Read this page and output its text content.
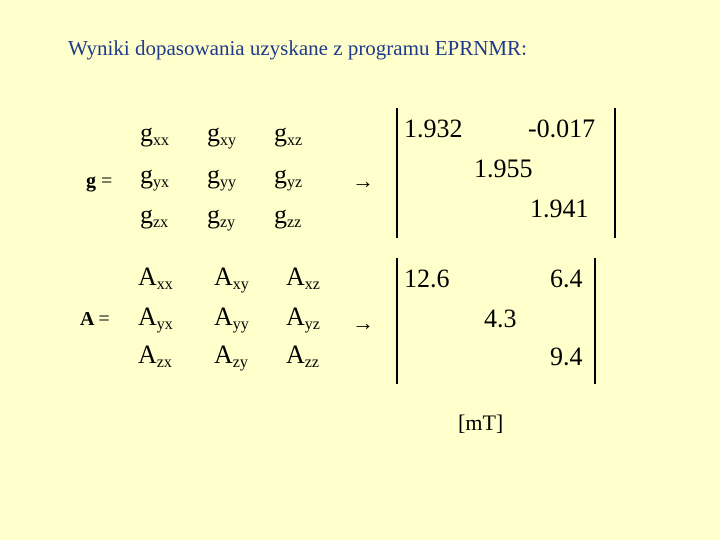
Wyniki dopasowania uzyskane z programu EPRNMR:
g =
$g_{xx}$ $g_{xy}$ $g_{xz}$
$g_{yx}$ $g_{yy}$ $g_{yz}$
$g_{zx}$ $g_{zy}$ $g_{zz}$
→
1.932	-0.017
1.955
1.941
A =
$A_{xx}$ $A_{xy}$ $A_{xz}$
$A_{yx}$ $A_{yy}$ $A_{yz}$
$A_{zx}$ $A_{zy}$ $A_{zz}$
→
12.6	6.4
4.3
9.4
[mT]
